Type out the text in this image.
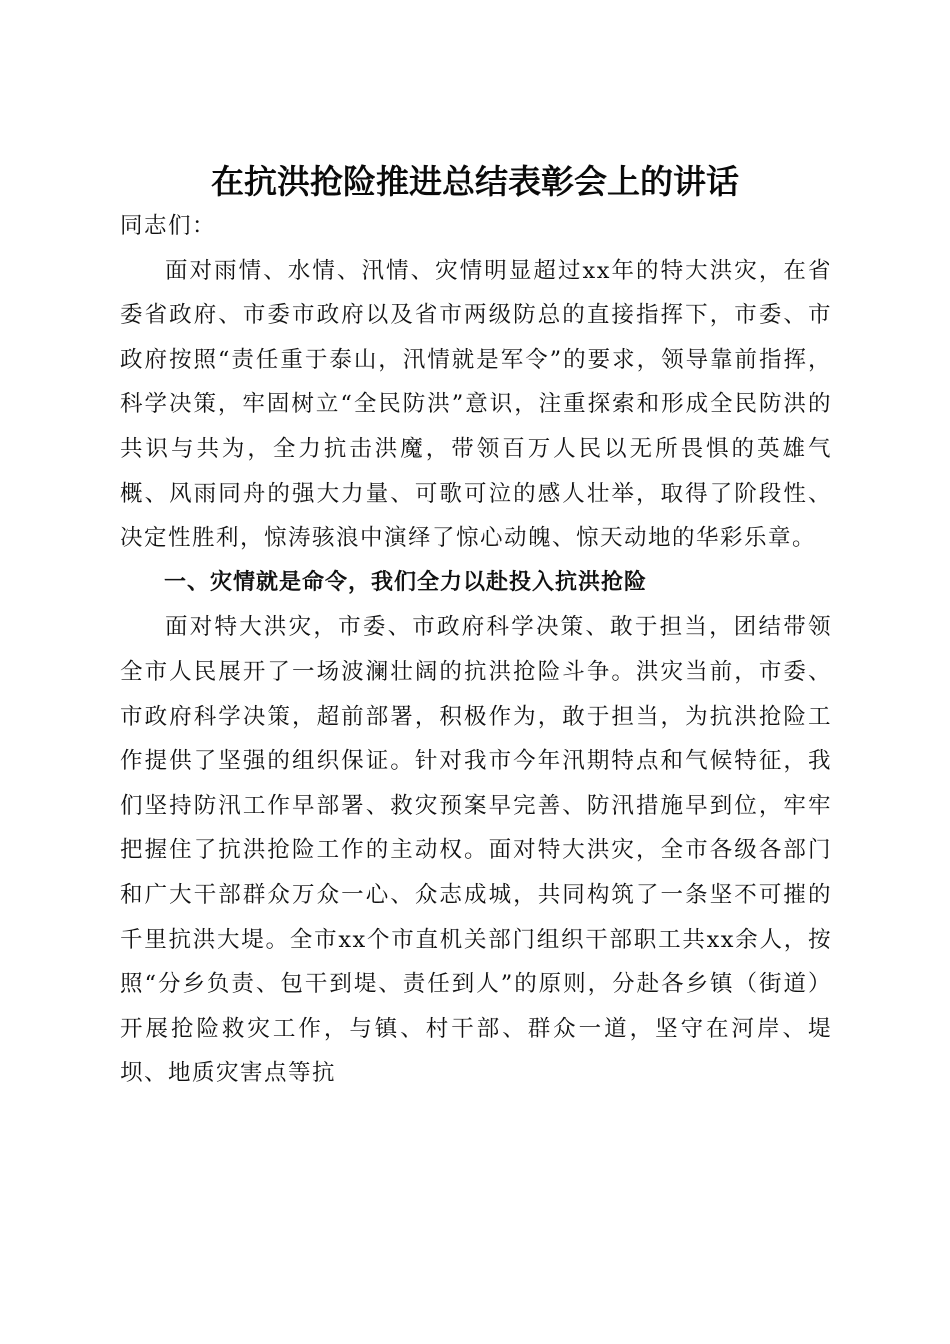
在抗洪抢险推进总结表彰会上的讲话

同志们：

面对雨情、水情、汛情、灾情明显超过xx年的特大洪灾，在省委省政府、市委市政府以及省市两级防总的直接指挥下，市委、市政府按照“责任重于泰山，汛情就是军令”的要求，领导靠前指挥，科学决策，牢固树立“全民防洪”意识，注重探索和形成全民防洪的共识与共为，全力抗击洪魔，带领百万人民以无所畏惧的英雄气概、风雨同舟的强大力量、可歌可泣的感人壮举，取得了阶段性、决定性胜利，惊涛骇浪中演绎了惊心动魄、惊天动地的华彩乐章。

一、灾情就是命令，我们全力以赴投入抗洪抢险

面对特大洪灾，市委、市政府科学决策、敢于担当，团结带领全市人民展开了一场波澜壮阔的抗洪抢险斗争。洪灾当前，市委、市政府科学决策，超前部署，积极作为，敢于担当，为抗洪抢险工作提供了坚强的组织保证。针对我市今年汛期特点和气候特征，我们坚持防汛工作早部署、救灾预案早完善、防汛措施早到位，牢牢把握住了抗洪抢险工作的主动权。面对特大洪灾，全市各级各部门和广大干部群众万众一心、众志成城，共同构筑了一条坚不可摧的千里抗洪大堤。全市xx个市直机关部门组织干部职工共xx余人，按照“分乡负责、包干到堤、责任到人”的原则，分赴各乡镇（街道）开展抢险救灾工作，与镇、村干部、群众一道，坚守在河岸、堤坝、地质灾害点等抗
